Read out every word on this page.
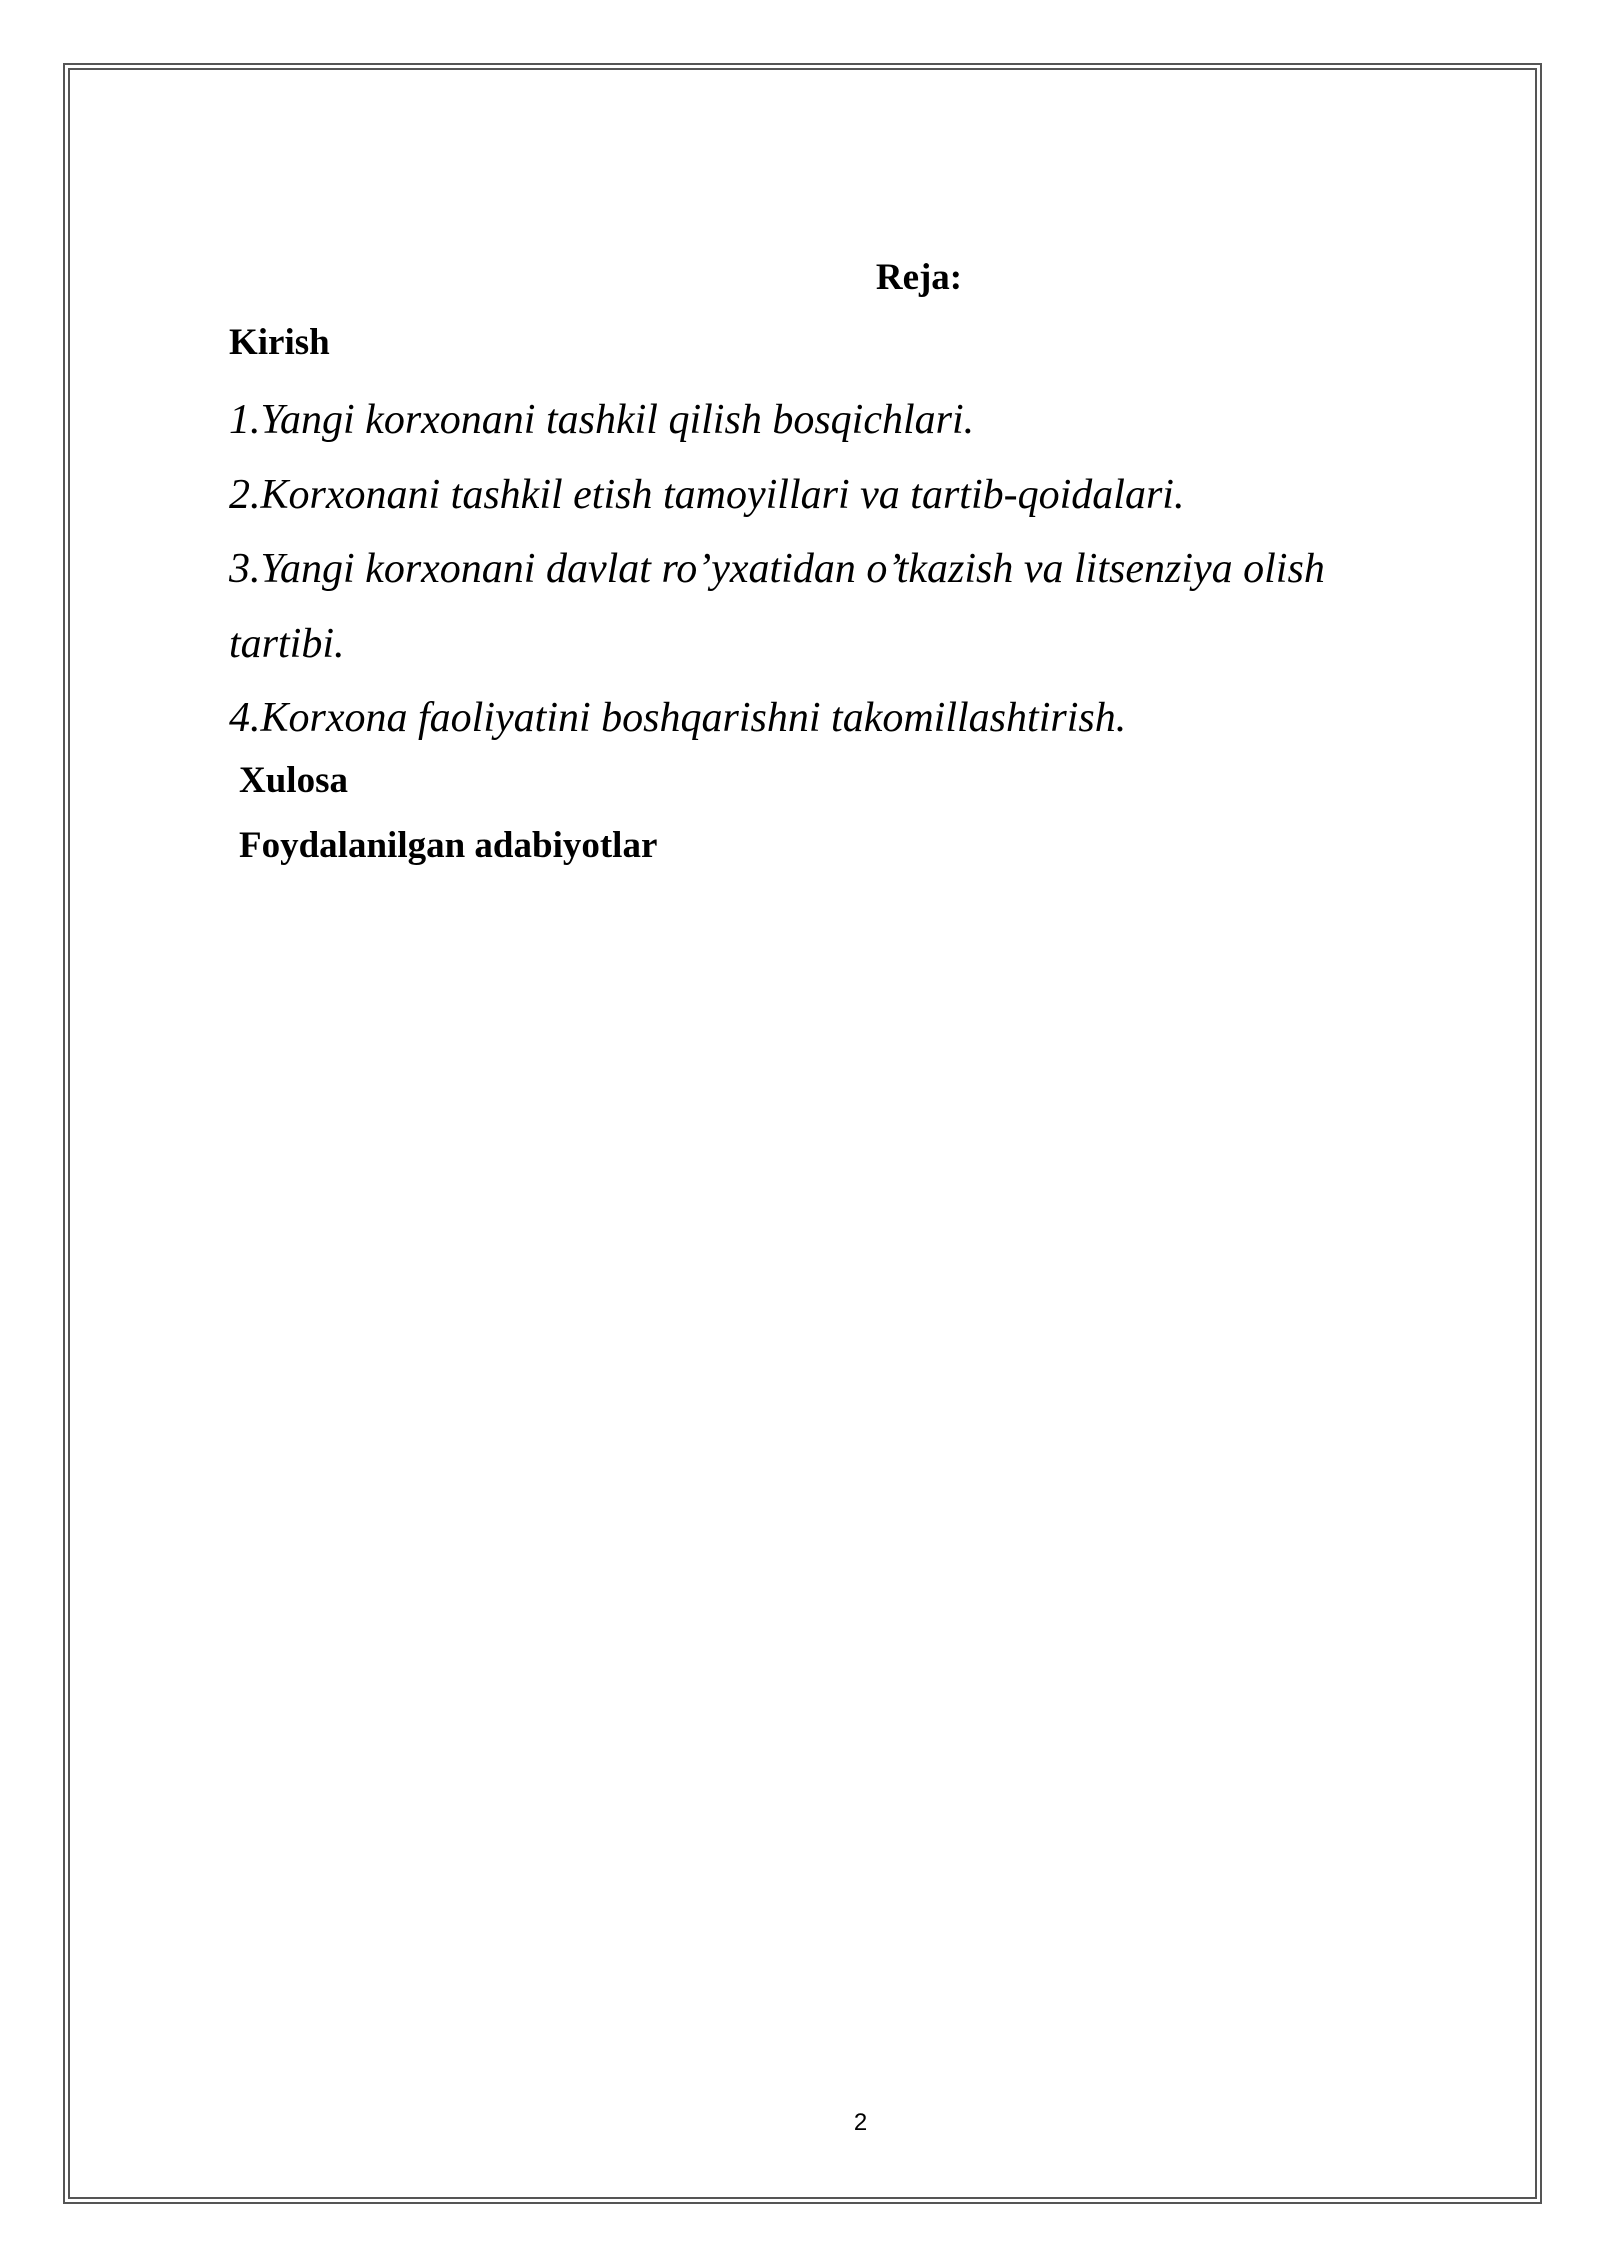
Reja:
Kirish
1.Yangi korxonani tashkil qilish bosqichlari.
2.Korxonani tashkil etish tamoyillari va tartib-qoidalari.
3.Yangi korxonani davlat ro’yxatidan o’tkazish va litsenziya olish tartibi.
4.Korxona faoliyatini boshqarishni takomillashtirish.
Xulosa
Foydalanilgan adabiyotlar
2
